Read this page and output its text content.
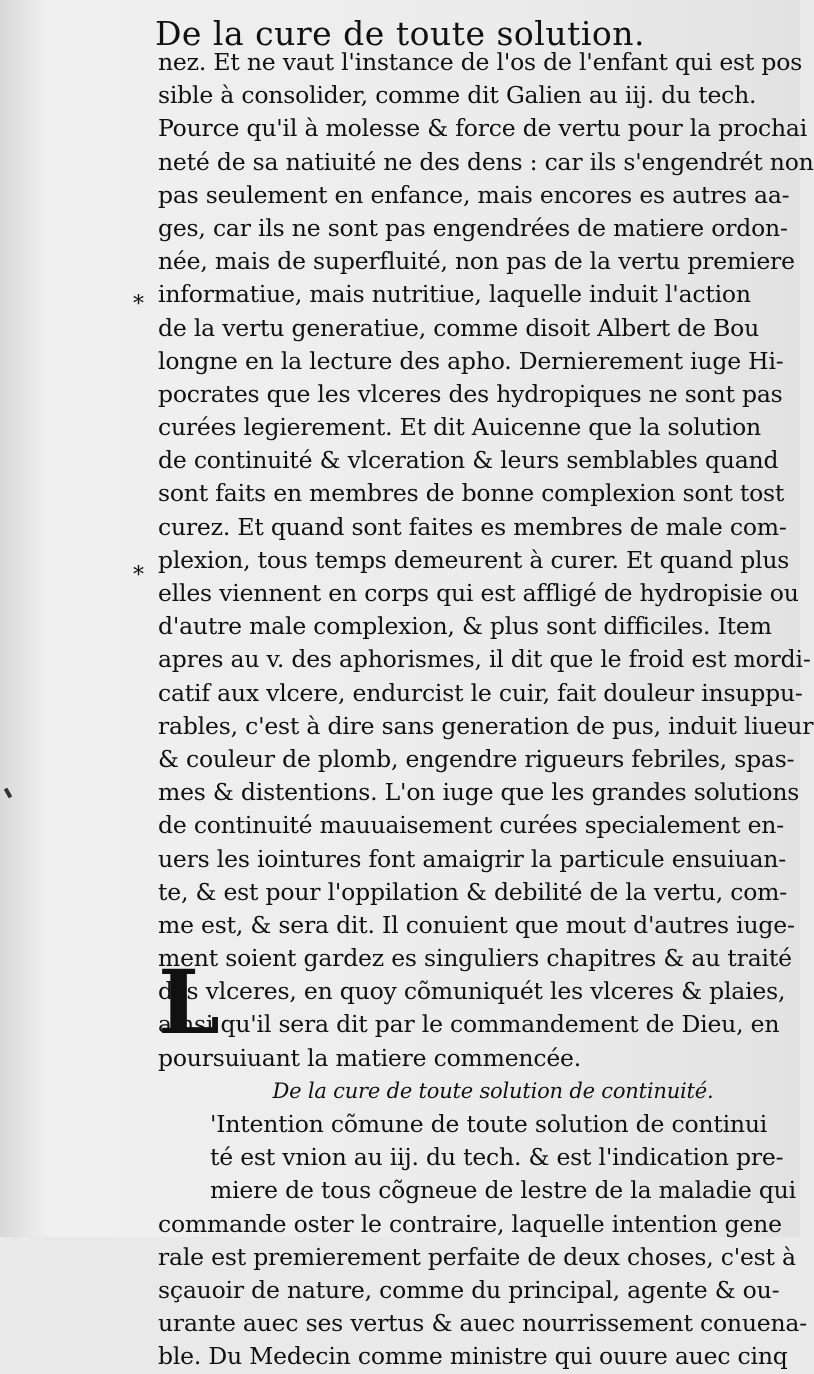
De la cure de toute solution.
*
*
nez. Et ne vaut l'instance de l'os de l'enfant qui est pos
sible à consolider, comme dit Galien au iij. du tech.
Pource qu'il à molesse & force de vertu pour la prochai
neté de sa natiuité ne des dens : car ils s'engendrét non
pas seulement en enfance, mais encores es autres aa-
ges, car ils ne sont pas engendrées de matiere ordon-
née, mais de superfluité, non pas de la vertu premiere
informatiue, mais nutritiue, laquelle induit l'action
de la vertu generatiue, comme disoit Albert de Bou
longne en la lecture des apho. Dernierement iuge Hi-
pocrates que les vlceres des hydropiques ne sont pas
curées legierement. Et dit Auicenne que la solution
de continuité & vlceration & leurs semblables quand
sont faits en membres de bonne complexion sont tost
curez. Et quand sont faites es membres de male com-
plexion, tous temps demeurent à curer. Et quand plus
elles viennent en corps qui est affligé de hydropisie ou
d'autre male complexion, & plus sont difficiles. Item
apres au v. des aphorismes, il dit que le froid est mordi-
catif aux vlcere, endurcist le cuir, fait douleur insuppu-
rables, c'est à dire sans generation de pus, induit liueur
& couleur de plomb, engendre rigueurs febriles, spas-
mes & distentions. L'on iuge que les grandes solutions
de continuité mauuaisement curées specialement en-
uers les iointures font amaigrir la particule ensuiuan-
te, & est pour l'oppilation & debilité de la vertu, com-
me est, & sera dit. Il conuient que mout d'autres iuge-
ment soient gardez es singuliers chapitres & au traité
des vlceres, en quoy cõmuniquét les vlceres & plaies,
ainsi qu'il sera dit par le commandement de Dieu, en
poursuiuant la matiere commencée.
De la cure de toute solution de continuité.
'Intention cõmune de toute solution de continui
té est vnion au iij. du tech. & est l'indication pre-
miere de tous cõgneue de lestre de la maladie qui
commande oster le contraire, laquelle intention gene
rale est premierement perfaite de deux choses, c'est à
sçauoir de nature, comme du principal, agente & ou-
urante auec ses vertus & auec nourrissement conuena-
ble. Du Medecin comme ministre qui ouure auec cinq
L
